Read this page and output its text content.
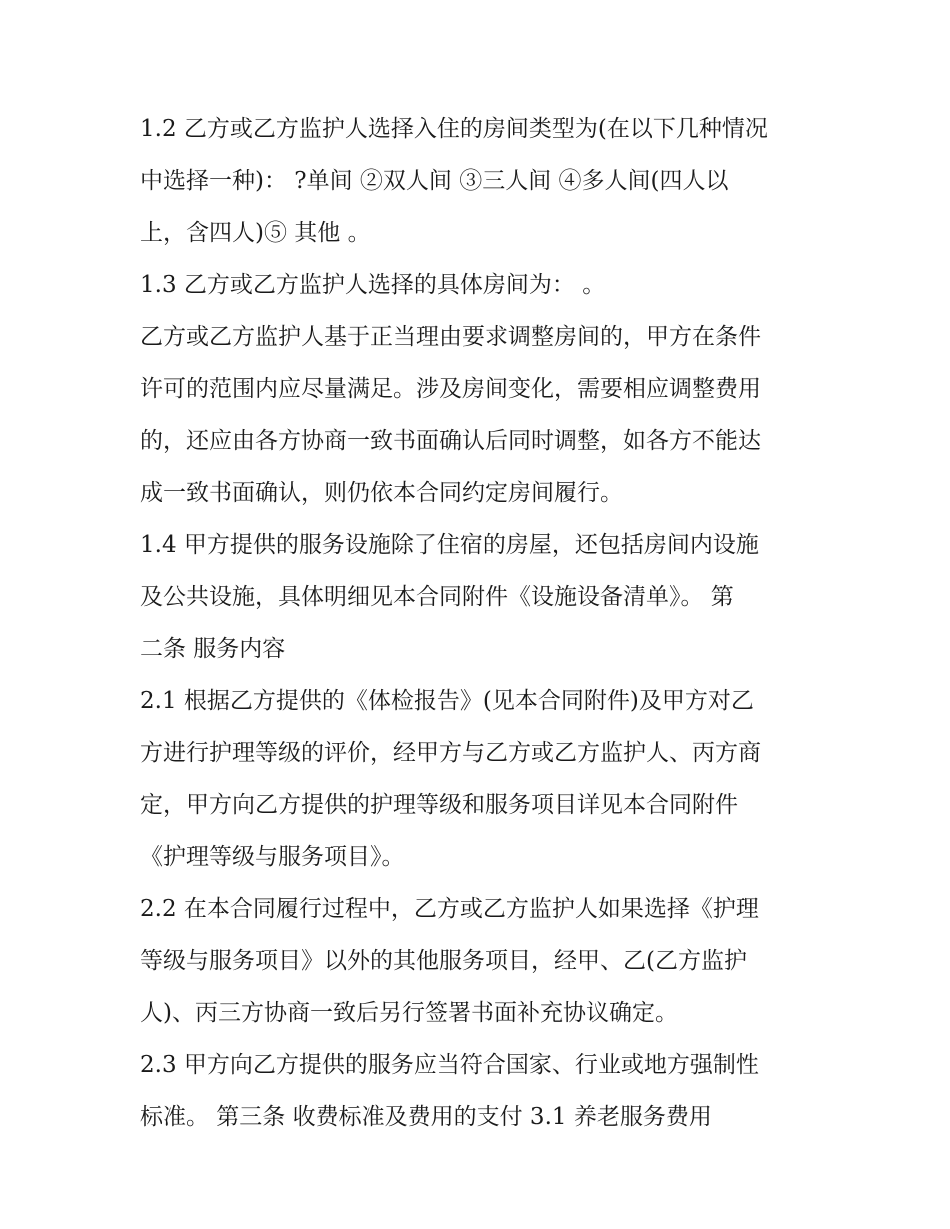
1.2 乙方或乙方监护人选择入住的房间类型为(在以下几种情况
中选择一种)： ?单间 ②双人间 ③三人间 ④多人间(四人以
上，含四人)⑤ 其他 。
1.3 乙方或乙方监护人选择的具体房间为： 。
乙方或乙方监护人基于正当理由要求调整房间的，甲方在条件
许可的范围内应尽量满足。涉及房间变化，需要相应调整费用
的，还应由各方协商一致书面确认后同时调整，如各方不能达
成一致书面确认，则仍依本合同约定房间履行。
1.4 甲方提供的服务设施除了住宿的房屋，还包括房间内设施
及公共设施，具体明细见本合同附件《设施设备清单》。 第
二条 服务内容
2.1 根据乙方提供的《体检报告》(见本合同附件)及甲方对乙
方进行护理等级的评价，经甲方与乙方或乙方监护人、丙方商
定，甲方向乙方提供的护理等级和服务项目详见本合同附件
《护理等级与服务项目》。
2.2 在本合同履行过程中，乙方或乙方监护人如果选择《护理
等级与服务项目》以外的其他服务项目，经甲、乙(乙方监护
人)、丙三方协商一致后另行签署书面补充协议确定。
2.3 甲方向乙方提供的服务应当符合国家、行业或地方强制性
标准。 第三条 收费标准及费用的支付 3.1 养老服务费用
